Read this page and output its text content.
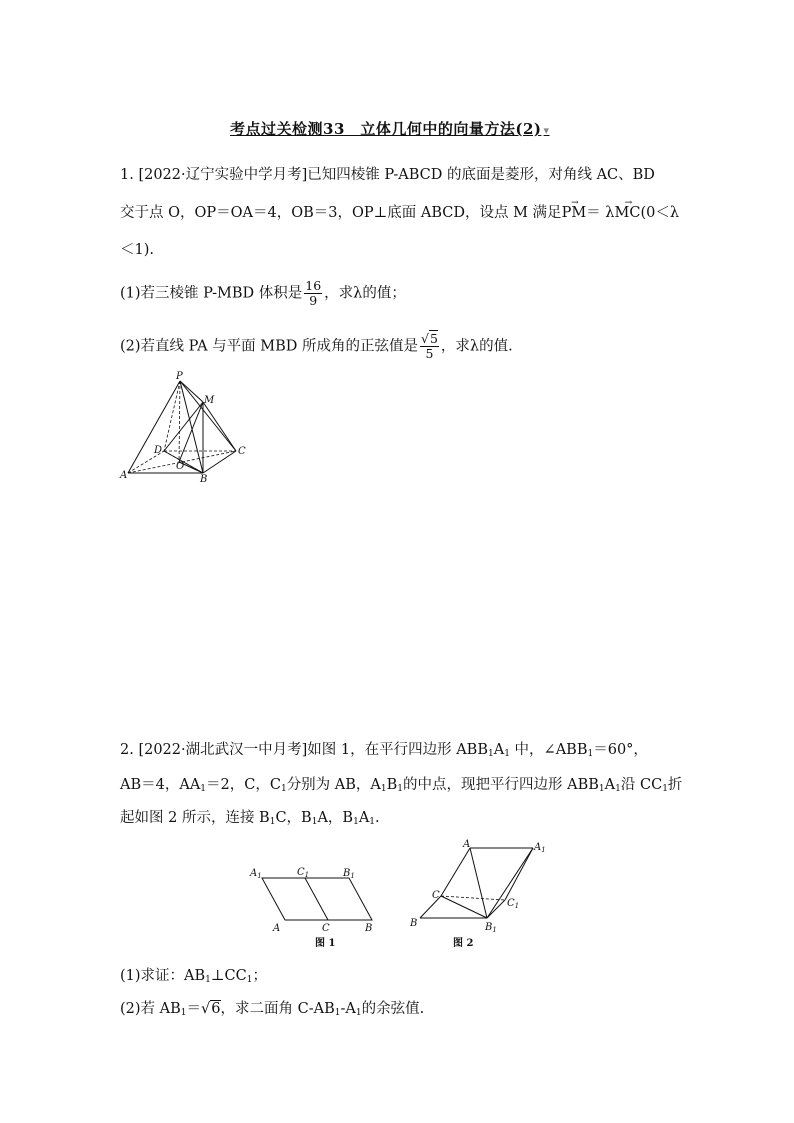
考点过关检测33　立体几何中的向量方法(2) ▾
1. [2022·辽宁实验中学月考]已知四棱锥 P-ABCD 的底面是菱形，对角线 AC、BD
交于点 O，OP＝OA＝4，OB＝3，OP⊥底面 ABCD，设点 M 满足→ PM＝ λ→ MC(0＜λ
＜1).
(1)若三棱锥 P-MBD 体积是 $\frac{16}{9}$ ，求λ的值；
(2)若直线 PA 与平面 MBD 所成角的正弦值是 $\frac{√5}{5}$ ，求λ的值.
P
M
D	C
O
A	B
2. [2022·湖北武汉一中月考]如图 1，在平行四边形 $ABB_1A_1$ 中，$\angle ABB_1=60^\circ$，
AB＝4，$AA_1=2$，C，$C_1$分别为 AB，$A_1B_1$的中点，现把平行四边形 $ABB_1A_1$沿 $CC_1$折
起如图 2 所示，连接 $B_1C$，$B_1A$，$B_1A_1$.
$A_1$	$C_1$	$B_1$
A	C	B
图 1
A	$A_1$
C
$C_1$
B	$B_1$
图 2
(1)求证：$AB_1\perp CC_1$；
(2)若 $AB_1=√6$，求二面角 $C-AB_1-A_1$的余弦值.
